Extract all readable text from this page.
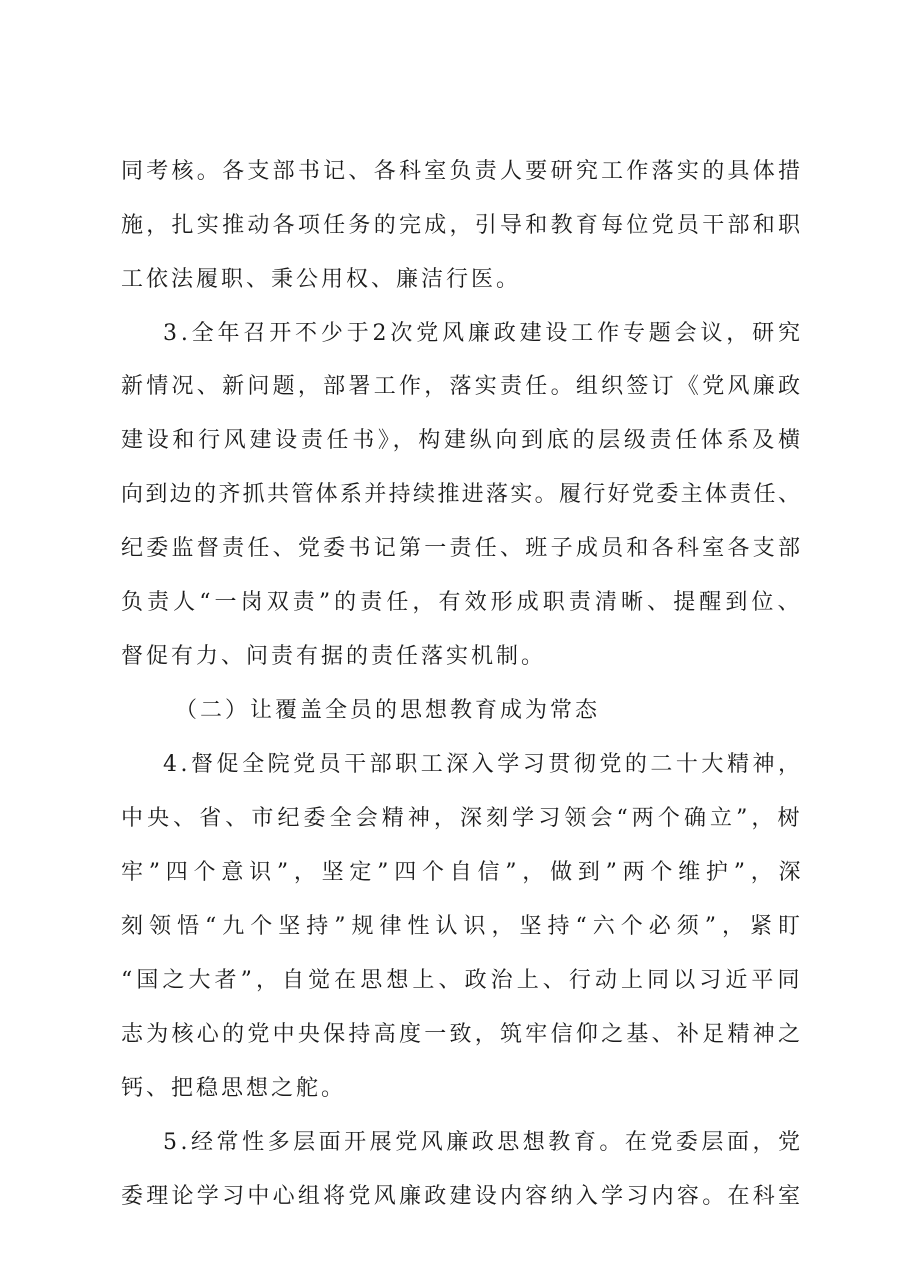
同考核。各支部书记、各科室负责人要研究工作落实的具体措
施，扎实推动各项任务的完成，引导和教育每位党员干部和职
工依法履职、秉公用权、廉洁行医。
3.全年召开不少于2次党风廉政建设工作专题会议，研究
新情况、新问题，部署工作，落实责任。组织签订《党风廉政
建设和行风建设责任书》，构建纵向到底的层级责任体系及横
向到边的齐抓共管体系并持续推进落实。履行好党委主体责任、
纪委监督责任、党委书记第一责任、班子成员和各科室各支部
负责人“一岗双责”的责任，有效形成职责清晰、提醒到位、
督促有力、问责有据的责任落实机制。
（二）让覆盖全员的思想教育成为常态
4.督促全院党员干部职工深入学习贯彻党的二十大精神，
中央、省、市纪委全会精神，深刻学习领会“两个确立”，树
牢”四个意识”，坚定”四个自信”，做到”两个维护”，深
刻领悟“九个坚持”规律性认识，坚持“六个必须”，紧盯
“国之大者”，自觉在思想上、政治上、行动上同以习近平同
志为核心的党中央保持高度一致，筑牢信仰之基、补足精神之
钙、把稳思想之舵。
5.经常性多层面开展党风廉政思想教育。在党委层面，党
委理论学习中心组将党风廉政建设内容纳入学习内容。在科室
